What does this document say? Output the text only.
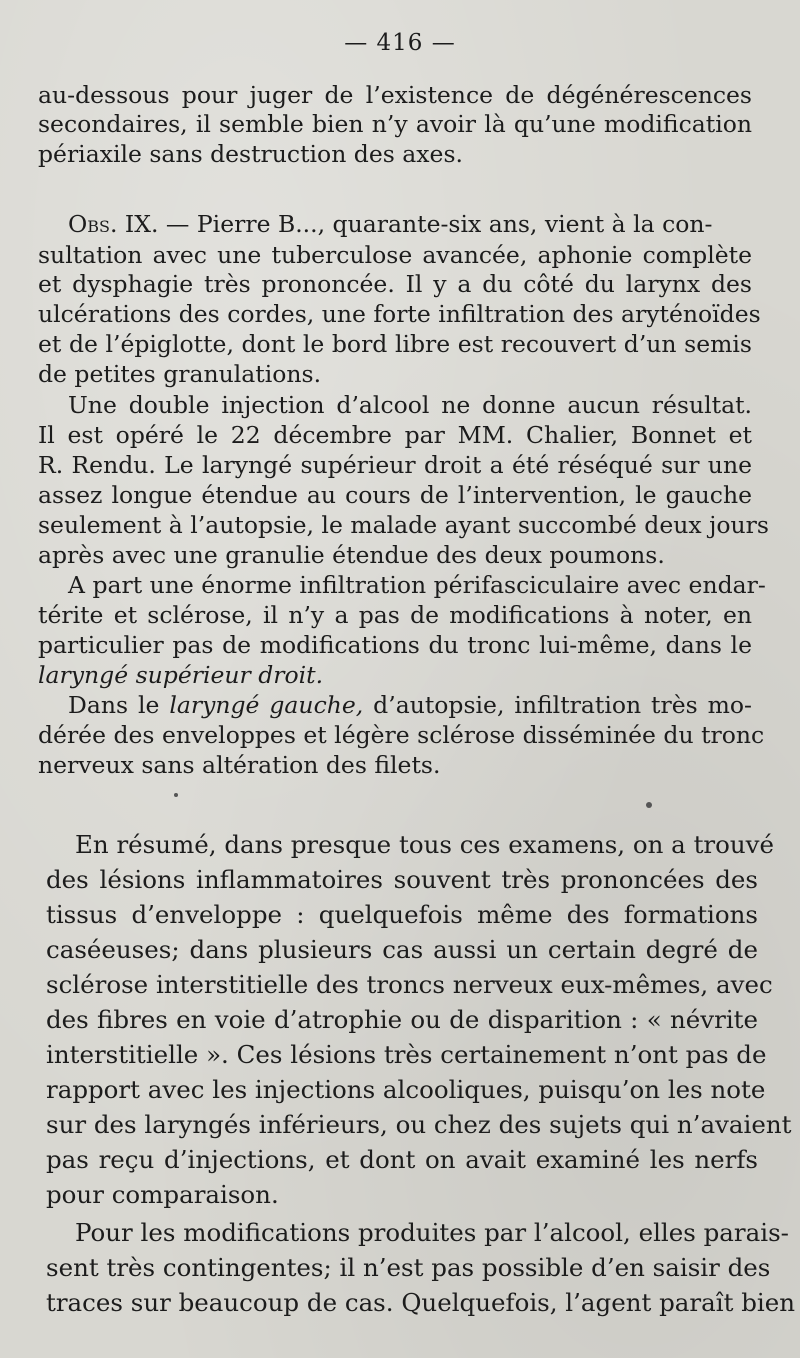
— 416 —
au-dessous pour juger de l’existence de dégénérescences
secondaires, il semble bien n’y avoir là qu’une modification
périaxile sans destruction des axes.
Obs. IX. — Pierre B..., quarante-six ans, vient à la con-
sultation avec une tuberculose avancée, aphonie complète
et dysphagie très prononcée. Il y a du côté du larynx des
ulcérations des cordes, une forte infiltration des aryténoïdes
et de l’épiglotte, dont le bord libre est recouvert d’un semis
de petites granulations.
Une double injection d’alcool ne donne aucun résultat.
Il est opéré le 22 décembre par MM. Chalier, Bonnet et
R. Rendu. Le laryngé supérieur droit a été réséqué sur une
assez longue étendue au cours de l’intervention, le gauche
seulement à l’autopsie, le malade ayant succombé deux jours
après avec une granulie étendue des deux poumons.
A part une énorme infiltration périfasciculaire avec endar-
térite et sclérose, il n’y a pas de modifications à noter, en
particulier pas de modifications du tronc lui-même, dans le
laryngé supérieur droit.
Dans le laryngé gauche, d’autopsie, infiltration très mo-
dérée des enveloppes et légère sclérose disséminée du tronc
nerveux sans altération des filets.
En résumé, dans presque tous ces examens, on a trouvé
des lésions inflammatoires souvent très prononcées des
tissus d’enveloppe : quelquefois même des formations
caséeuses; dans plusieurs cas aussi un certain degré de
sclérose interstitielle des troncs nerveux eux-mêmes, avec
des fibres en voie d’atrophie ou de disparition : « névrite
interstitielle ». Ces lésions très certainement n’ont pas de
rapport avec les injections alcooliques, puisqu’on les note
sur des laryngés inférieurs, ou chez des sujets qui n’avaient
pas reçu d’injections, et dont on avait examiné les nerfs
pour comparaison.
Pour les modifications produites par l’alcool, elles parais-
sent très contingentes; il n’est pas possible d’en saisir des
traces sur beaucoup de cas. Quelquefois, l’agent paraît bien
